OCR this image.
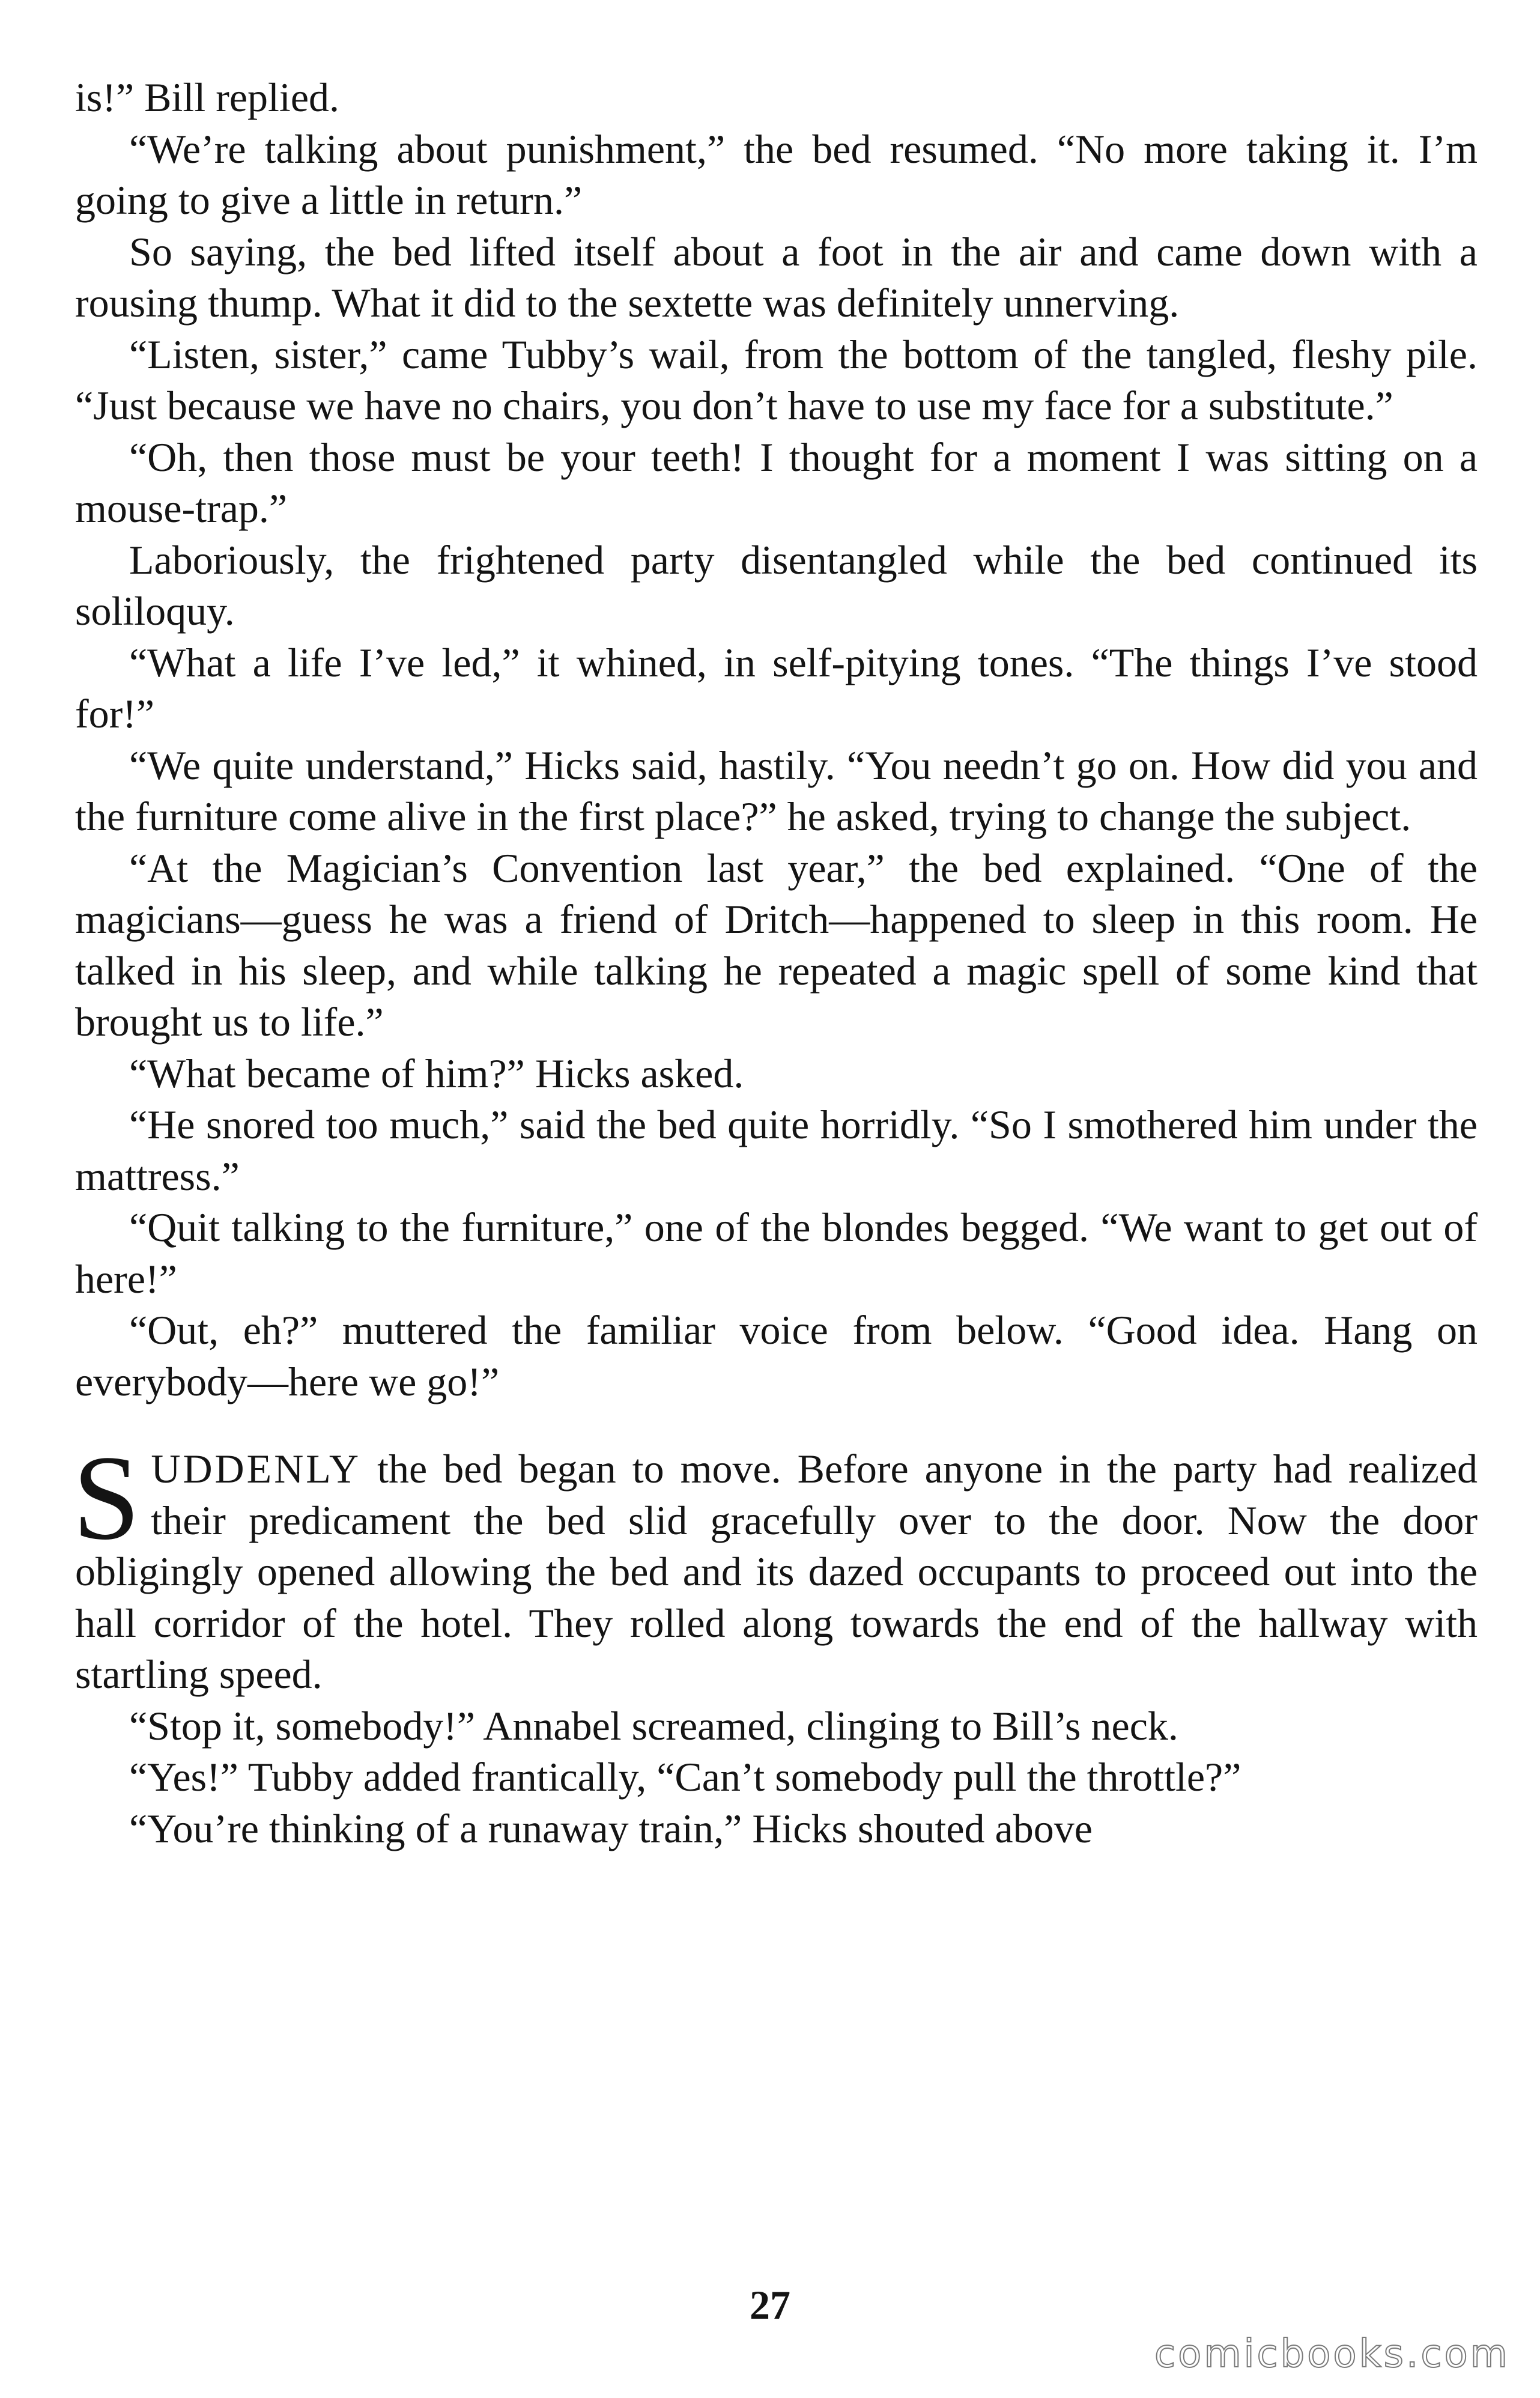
is!” Bill replied.

“We’re talking about punishment,” the bed resumed. “No more taking it. I’m going to give a little in return.”

So saying, the bed lifted itself about a foot in the air and came down with a rousing thump. What it did to the sextette was definitely unnerving.

“Listen, sister,” came Tubby’s wail, from the bottom of the tangled, fleshy pile. “Just because we have no chairs, you don’t have to use my face for a substitute.”

“Oh, then those must be your teeth! I thought for a moment I was sitting on a mouse-trap.”

Laboriously, the frightened party disentangled while the bed continued its soliloquy.

“What a life I’ve led,” it whined, in self-pitying tones. “The things I’ve stood for!”

“We quite understand,” Hicks said, hastily. “You needn’t go on. How did you and the furniture come alive in the first place?” he asked, trying to change the subject.

“At the Magician’s Convention last year,” the bed explained. “One of the magicians—guess he was a friend of Dritch—happened to sleep in this room. He talked in his sleep, and while talking he repeated a magic spell of some kind that brought us to life.”

“What became of him?” Hicks asked.

“He snored too much,” said the bed quite horridly. “So I smothered him under the mattress.”

“Quit talking to the furniture,” one of the blondes begged. “We want to get out of here!”

“Out, eh?” muttered the familiar voice from below. “Good idea. Hang on everybody—here we go!”

SUDDENLY the bed began to move. Before anyone in the party had realized their predicament the bed slid gracefully over to the door. Now the door obligingly opened allowing the bed and its dazed occupants to proceed out into the hall corridor of the hotel. They rolled along towards the end of the hallway with startling speed.

“Stop it, somebody!” Annabel screamed, clinging to Bill’s neck.

“Yes!” Tubby added frantically, “Can’t somebody pull the throttle?”

“You’re thinking of a runaway train,” Hicks shouted above

27
comicbooks.com
